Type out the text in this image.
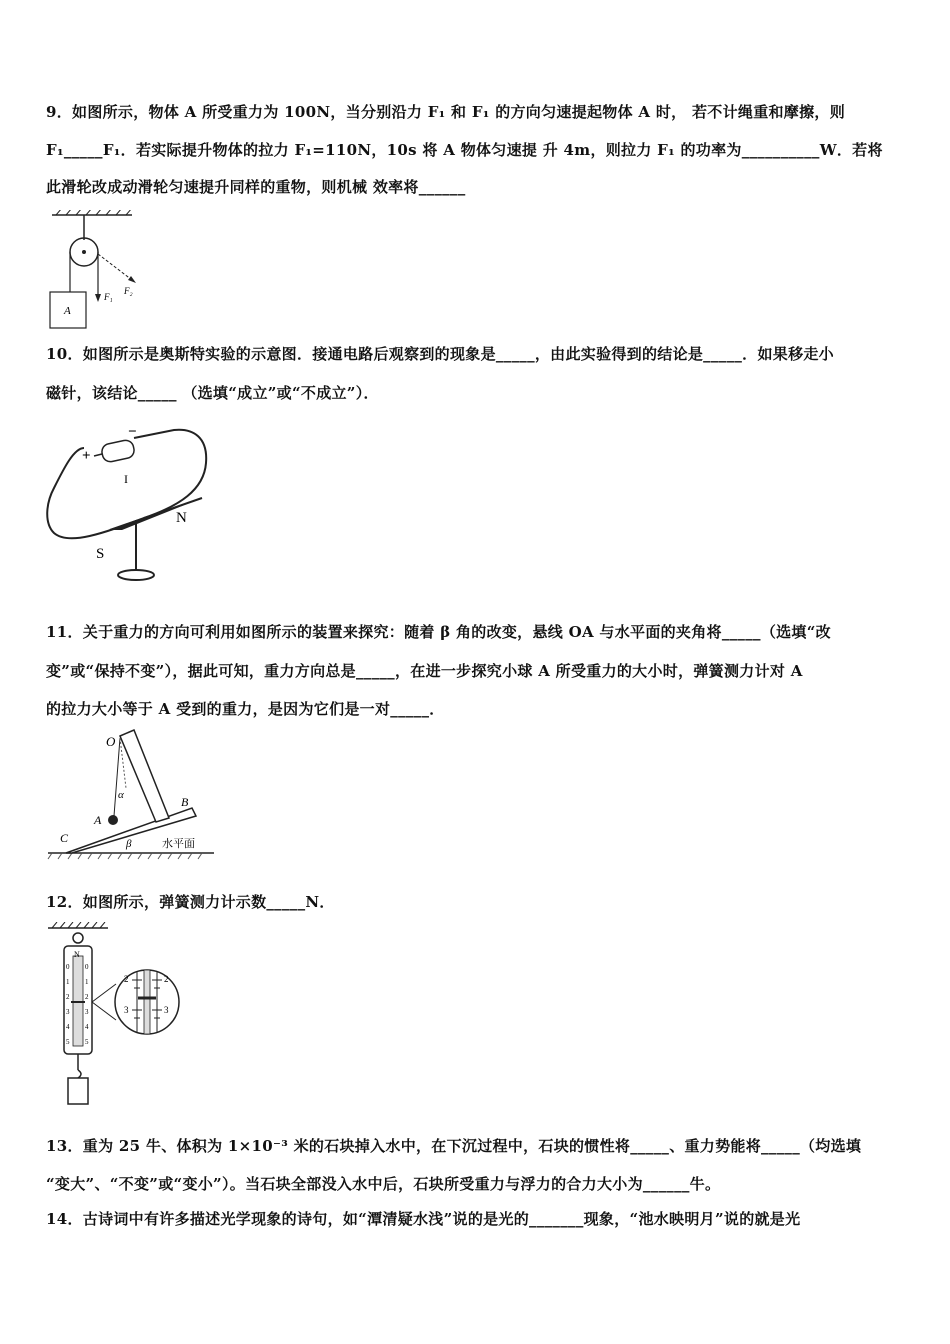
9．如图所示，物体 A 所受重力为 100N，当分别沿力 F₁ 和 F₁ 的方向匀速提起物体 A 时， 若不计绳重和摩擦，则
F₁_____F₁．若实际提升物体的拉力 F₁=110N，10s 将 A 物体匀速提 升 4m，则拉力 F₁ 的功率为__________W．若将
此滑轮改成动滑轮匀速提升同样的重物，则机械 效率将______
A
F₁
F₂
10．如图所示是奥斯特实验的示意图．接通电路后观察到的现象是_____，由此实验得到的结论是_____．如果移走小
磁针，该结论_____ （选填“成立”或“不成立”）．
+
−
I
N
S
11．关于重力的方向可利用如图所示的装置来探究：随着 β 角的改变，悬线 OA 与水平面的夹角将_____（选填“改
变”或“保持不变”），据此可知，重力方向总是_____，在进一步探究小球 A 所受重力的大小时，弹簧测力计对 A
的拉力大小等于 A 受到的重力，是因为它们是一对_____．
O
A
B
C
α
β	水平面
12．如图所示，弹簧测力计示数_____N．
N
0
1
2
3
4
5
0
1
2
3
4
5
2	2
3	3
13．重为 25 牛、体积为 1×10⁻³ 米的石块掉入水中，在下沉过程中，石块的惯性将_____、重力势能将_____（均选填
“变大”、“不变”或“变小”）。当石块全部没入水中后，石块所受重力与浮力的合力大小为______牛。
14．古诗词中有许多描述光学现象的诗句，如“潭清疑水浅”说的是光的_______现象，“池水映明月”说的就是光
